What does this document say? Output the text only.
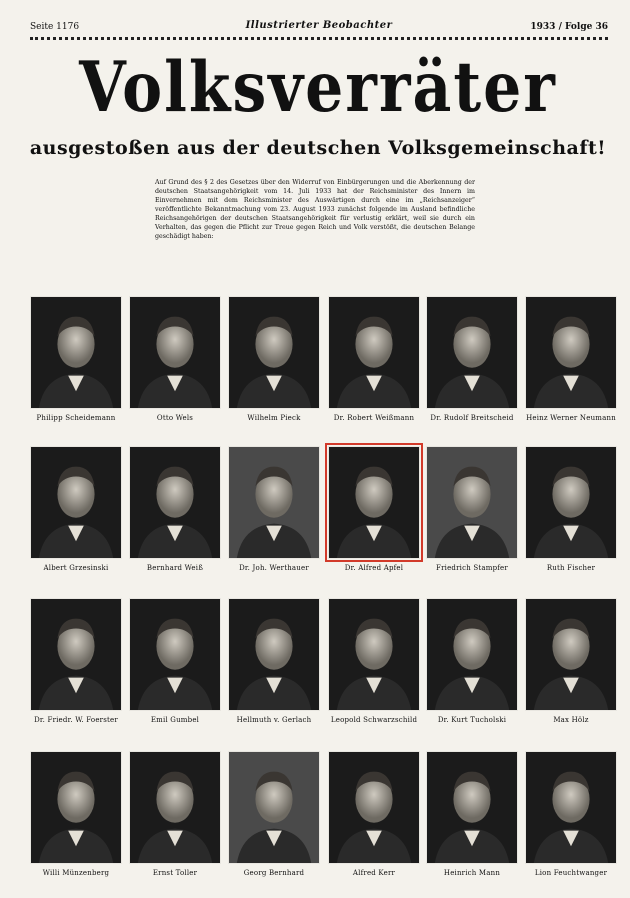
Seite 1176	Illustrierter Beobachter	1933 / Folge 36
Volksverräter
ausgestoßen aus der deutschen Volksgemeinschaft!
Auf Grund des § 2 des Gesetzes über den Widerruf von Einbürgerungen und die Aberkennung der deutschen Staatsangehörigkeit vom 14. Juli 1933 hat der Reichsminister des Innern im Einvernehmen mit dem Reichsminister des Auswärtigen durch eine im „Reichsanzeiger“ veröffentlichte Bekanntmachung vom 23. August 1933 zunächst folgende im Ausland befindliche Reichsangehörigen der deutschen Staatsangehörigkeit für verlustig erklärt, weil sie durch ein Verhalten, das gegen die Pflicht zur Treue gegen Reich und Volk verstößt, die deutschen Belange geschädigt haben:
Philipp Scheidemann	Otto Wels	Wilhelm Pieck	Dr. Robert Weißmann	Dr. Rudolf Breitscheid	Heinz Werner Neumann
Albert Grzesinski	Bernhard Weiß	Dr. Joh. Werthauer	Dr. Alfred Apfel	Friedrich Stampfer	Ruth Fischer
Dr. Friedr. W. Foerster	Emil Gumbel	Hellmuth v. Gerlach	Leopold Schwarzschild	Dr. Kurt Tucholski	Max Hölz
Willi Münzenberg	Ernst Toller	Georg Bernhard	Alfred Kerr	Heinrich Mann	Lion Feuchtwanger
